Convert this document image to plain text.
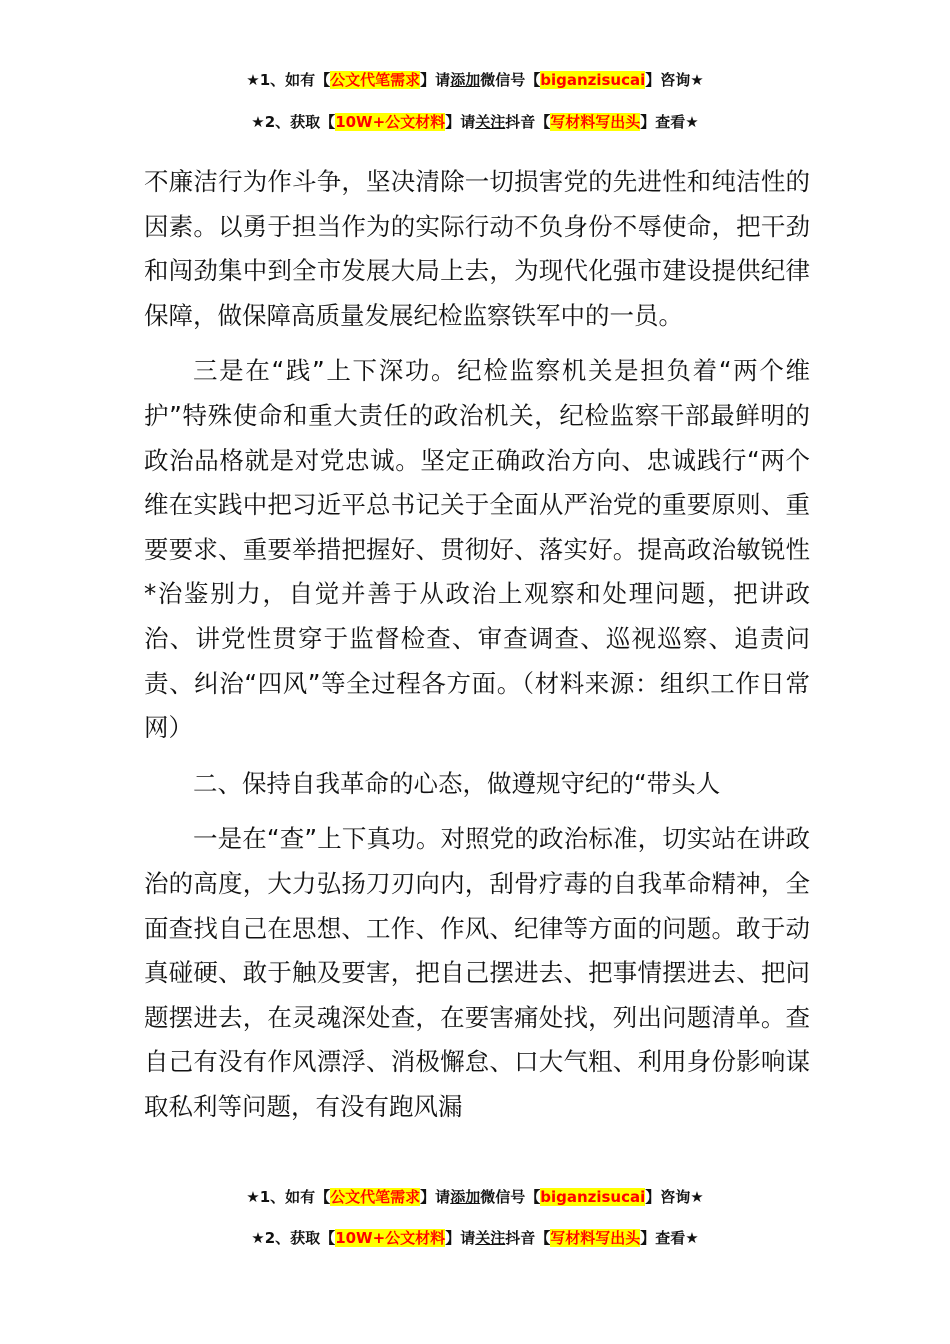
★1、如有【公文代笔需求】请添加微信号【biganzisucai】咨询★
★2、获取【10W+公文材料】请关注抖音【写材料写出头】查看★

不廉洁行为作斗争，坚决清除一切损害党的先进性和纯洁性的因素。以勇于担当作为的实际行动不负身份不辱使命，把干劲和闯劲集中到全市发展大局上去，为现代化强市建设提供纪律保障，做保障高质量发展纪检监察铁军中的一员。

三是在“践”上下深功。纪检监察机关是担负着“两个维护”特殊使命和重大责任的政治机关，纪检监察干部最鲜明的政治品格就是对党忠诚。坚定正确政治方向、忠诚践行“两个维在实践中把习近平总书记关于全面从严治党的重要原则、重要要求、重要举措把握好、贯彻好、落实好。提高政治敏锐性*治鉴别力，自觉并善于从政治上观察和处理问题，把讲政治、讲党性贯穿于监督检查、审查调查、巡视巡察、追责问责、纠治“四风”等全过程各方面。（材料来源：组织工作日常网）

二、保持自我革命的心态，做遵规守纪的“带头人

一是在“查”上下真功。对照党的政治标准，切实站在讲政治的高度，大力弘扬刀刃向内，刮骨疗毒的自我革命精神，全面查找自己在思想、工作、作风、纪律等方面的问题。敢于动真碰硬、敢于触及要害，把自己摆进去、把事情摆进去、把问题摆进去，在灵魂深处查，在要害痛处找，列出问题清单。查自己有没有作风漂浮、消极懈怠、口大气粗、利用身份影响谋取私利等问题，有没有跑风漏

★1、如有【公文代笔需求】请添加微信号【biganzisucai】咨询★
★2、获取【10W+公文材料】请关注抖音【写材料写出头】查看★
